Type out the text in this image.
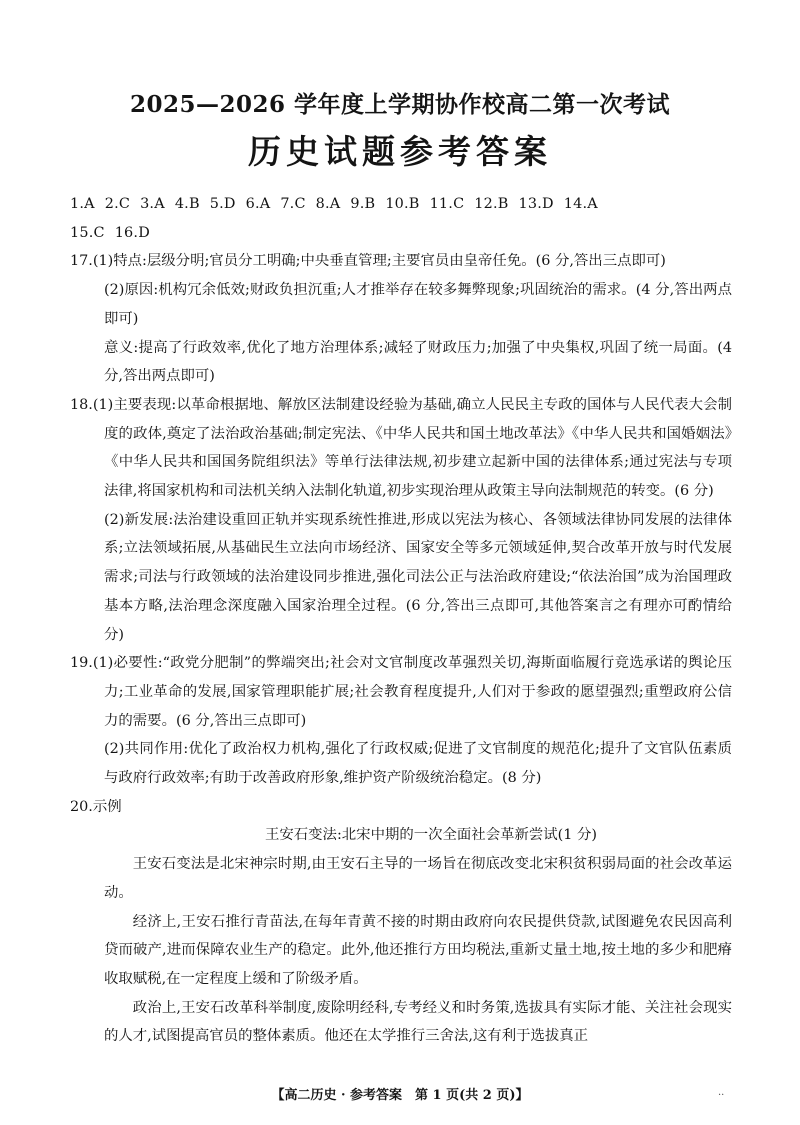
2025—2026 学年度上学期协作校高二第一次考试
历史试题参考答案

1.A 2.C 3.A 4.B 5.D 6.A 7.C 8.A 9.B 10.B 11.C 12.B 13.D 14.A

15.C 16.D

17.(1)特点:层级分明;官员分工明确;中央垂直管理;主要官员由皇帝任免。(6 分,答出三点即可)

(2)原因:机构冗余低效;财政负担沉重;人才推举存在较多舞弊现象;巩固统治的需求。(4 分,答出两点即可)

意义:提高了行政效率,优化了地方治理体系;减轻了财政压力;加强了中央集权,巩固了统一局面。(4 分,答出两点即可)

18.(1)主要表现:以革命根据地、解放区法制建设经验为基础,确立人民民主专政的国体与人民代表大会制度的政体,奠定了法治政治基础;制定宪法、《中华人民共和国土地改革法》《中华人民共和国婚姻法》《中华人民共和国国务院组织法》等单行法律法规,初步建立起新中国的法律体系;通过宪法与专项法律,将国家机构和司法机关纳入法制化轨道,初步实现治理从政策主导向法制规范的转变。(6 分)

(2)新发展:法治建设重回正轨并实现系统性推进,形成以宪法为核心、各领域法律协同发展的法律体系;立法领域拓展,从基础民生立法向市场经济、国家安全等多元领域延伸,契合改革开放与时代发展需求;司法与行政领域的法治建设同步推进,强化司法公正与法治政府建设;“依法治国”成为治国理政基本方略,法治理念深度融入国家治理全过程。(6 分,答出三点即可,其他答案言之有理亦可酌情给分)

19.(1)必要性:“政党分肥制”的弊端突出;社会对文官制度改革强烈关切,海斯面临履行竞选承诺的舆论压力;工业革命的发展,国家管理职能扩展;社会教育程度提升,人们对于参政的愿望强烈;重塑政府公信力的需要。(6 分,答出三点即可)

(2)共同作用:优化了政治权力机构,强化了行政权威;促进了文官制度的规范化;提升了文官队伍素质与政府行政效率;有助于改善政府形象,维护资产阶级统治稳定。(8 分)

20.示例

王安石变法:北宋中期的一次全面社会革新尝试(1 分)

王安石变法是北宋神宗时期,由王安石主导的一场旨在彻底改变北宋积贫积弱局面的社会改革运动。

经济上,王安石推行青苗法,在每年青黄不接的时期由政府向农民提供贷款,试图避免农民因高利贷而破产,进而保障农业生产的稳定。此外,他还推行方田均税法,重新丈量土地,按土地的多少和肥瘠收取赋税,在一定程度上缓和了阶级矛盾。

政治上,王安石改革科举制度,废除明经科,专考经义和时务策,选拔具有实际才能、关注社会现实的人才,试图提高官员的整体素质。他还在太学推行三舍法,这有利于选拔真正

【高二历史 · 参考答案　第 1 页(共 2 页)】	··
